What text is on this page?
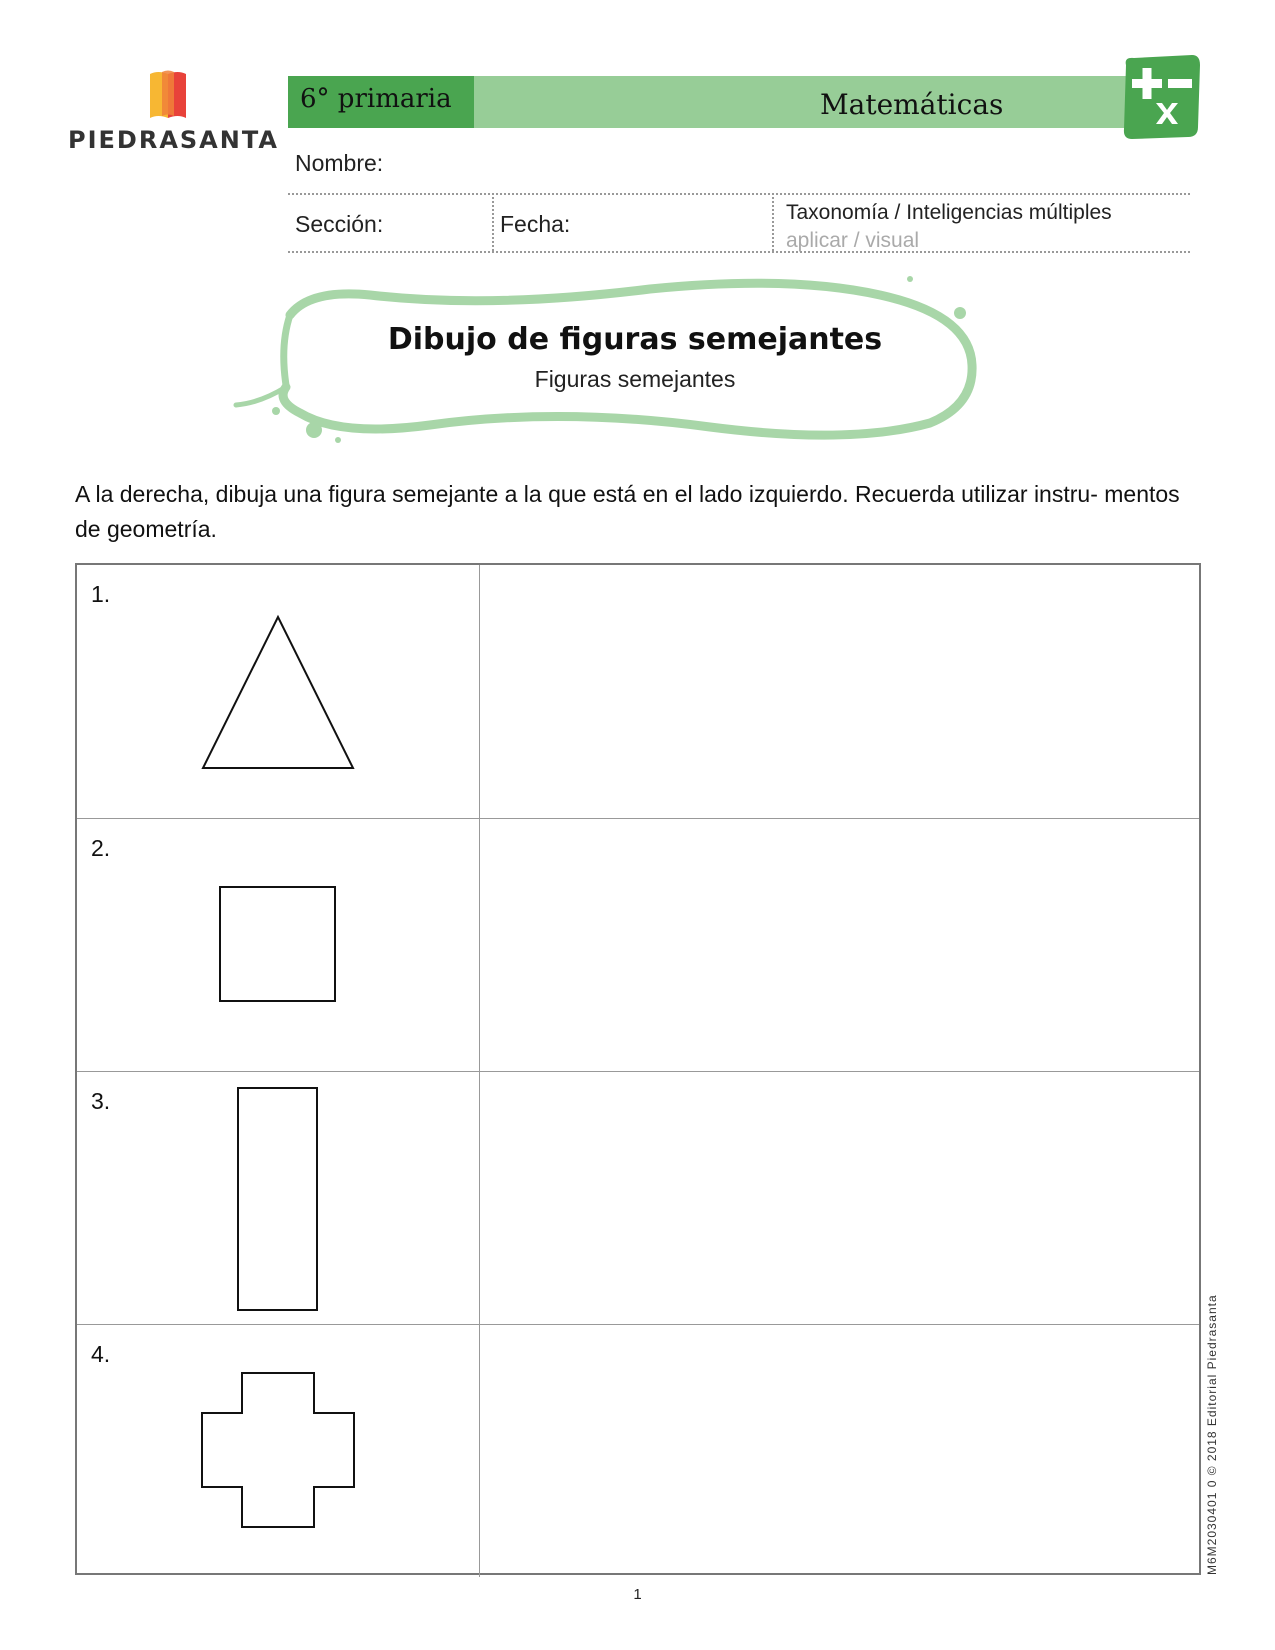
PIEDRASANTA
6° primaria	Matemáticas
Nombre:
Sección:	Fecha:	Taxonomía / Inteligencias múltiples
aplicar / visual
Dibujo de figuras semejantes
Figuras semejantes
A la derecha, dibuja una figura semejante a la que está en el lado izquierdo. Recuerda utilizar instru- mentos de geometría.
1.
2.
3.
4.	M6M2030401 0 © 2018 Editorial Piedrasanta
1
